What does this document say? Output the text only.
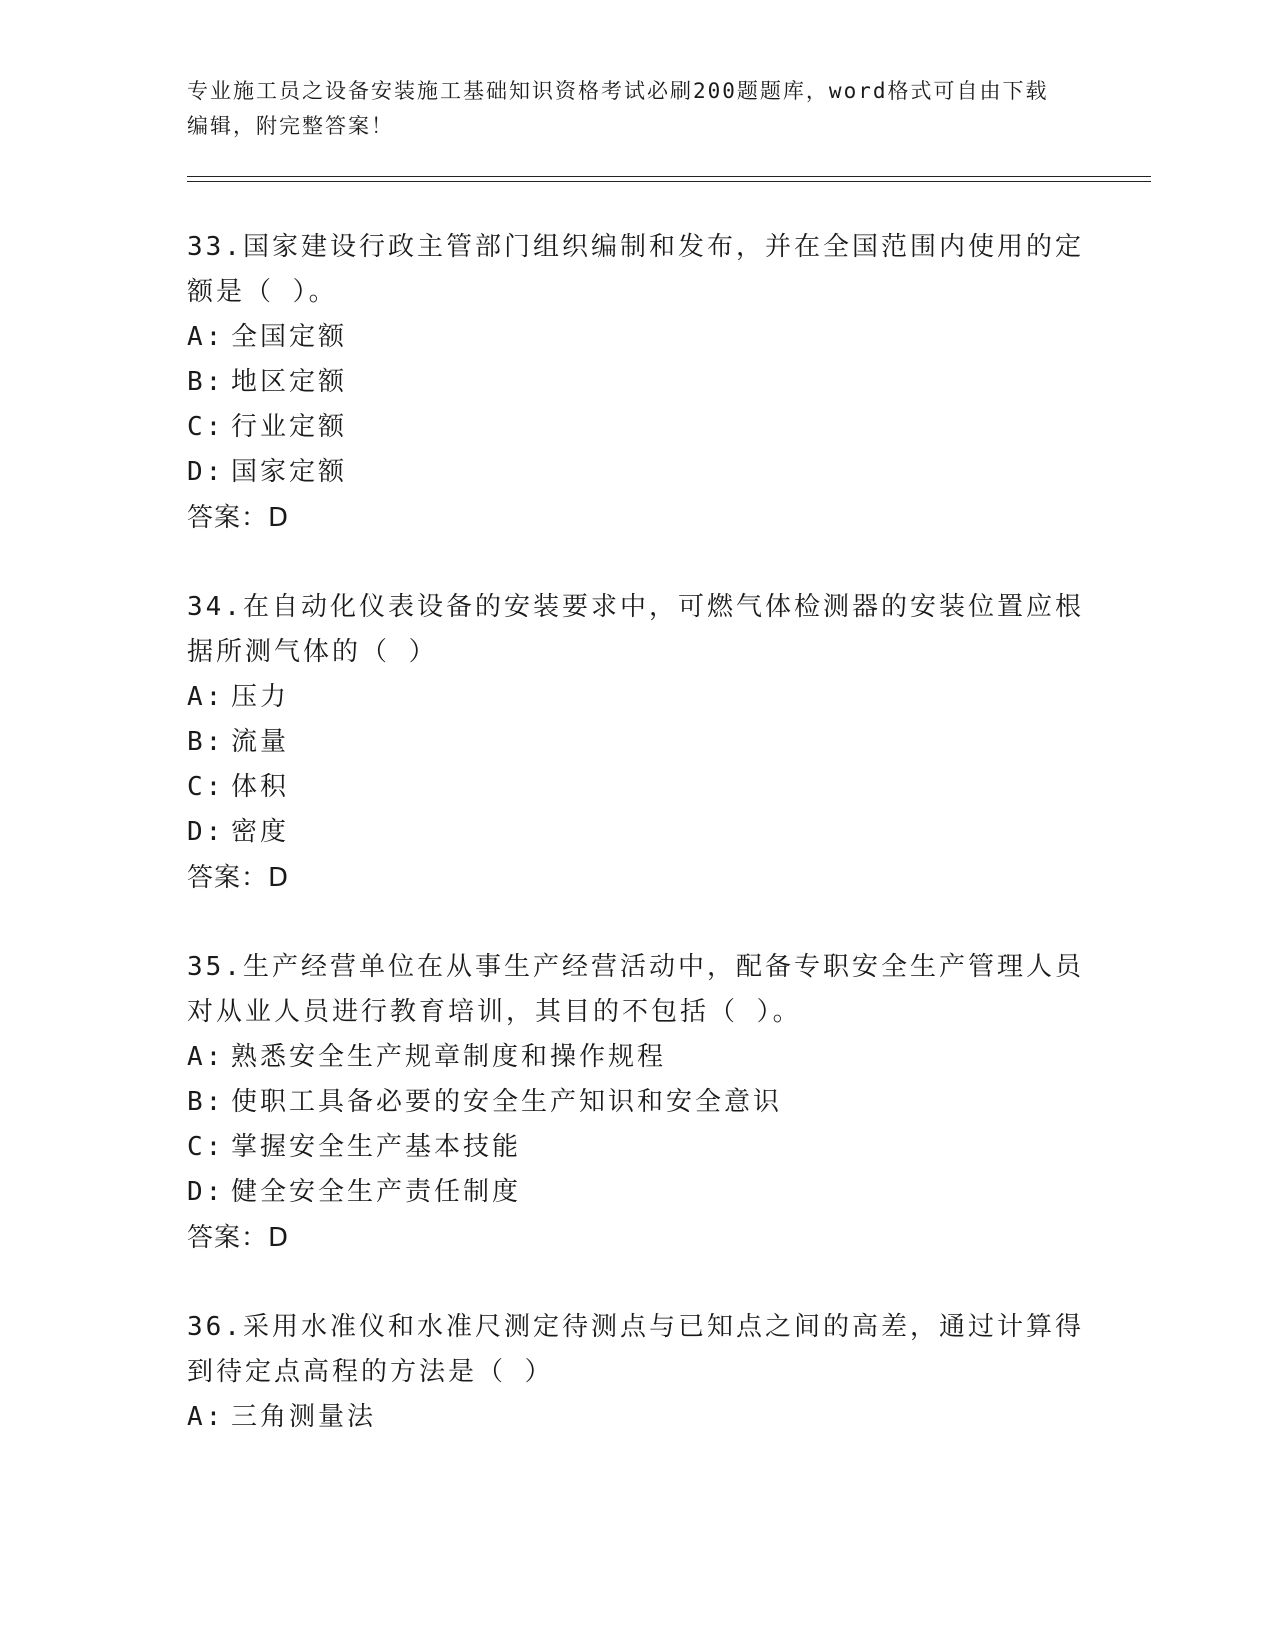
专业施工员之设备安装施工基础知识资格考试必刷200题题库，word格式可自由下载编辑，附完整答案！

33.国家建设行政主管部门组织编制和发布，并在全国范围内使用的定额是（ ）。

A: 全国定额

B: 地区定额

C: 行业定额

D: 国家定额

答案：D

34.在自动化仪表设备的安装要求中，可燃气体检测器的安装位置应根据所测气体的（ ）

A: 压力

B: 流量

C: 体积

D: 密度

答案：D

35.生产经营单位在从事生产经营活动中，配备专职安全生产管理人员对从业人员进行教育培训，其目的不包括（ ）。

A: 熟悉安全生产规章制度和操作规程

B: 使职工具备必要的安全生产知识和安全意识

C: 掌握安全生产基本技能

D: 健全安全生产责任制度

答案：D

36.采用水准仪和水准尺测定待测点与已知点之间的高差，通过计算得到待定点高程的方法是（ ）

A: 三角测量法
